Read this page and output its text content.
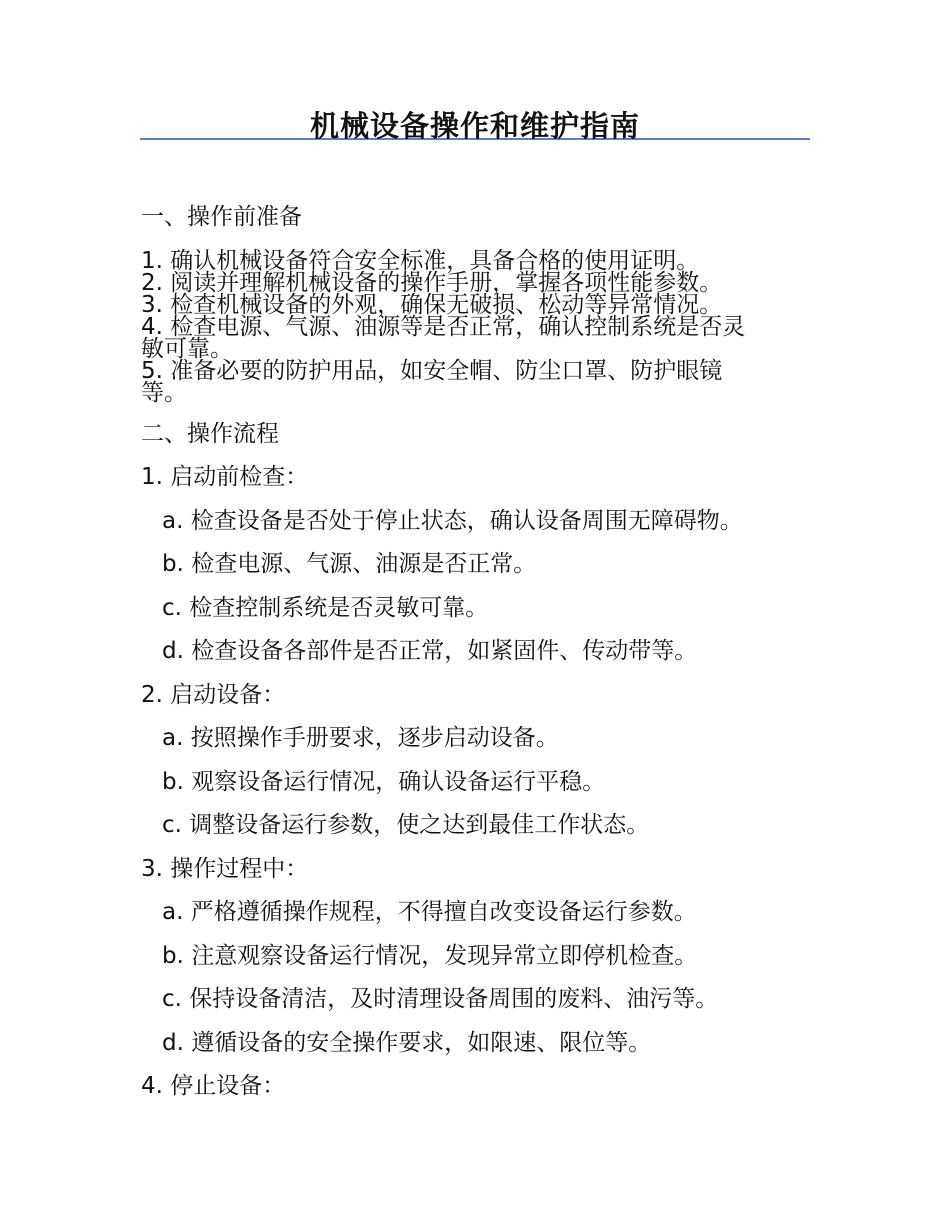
机械设备操作和维护指南
一、操作前准备
1. 确认机械设备符合安全标准，具备合格的使用证明。
2. 阅读并理解机械设备的操作手册，掌握各项性能参数。
3. 检查机械设备的外观，确保无破损、松动等异常情况。
4. 检查电源、气源、油源等是否正常，确认控制系统是否灵
敏可靠。
5. 准备必要的防护用品，如安全帽、防尘口罩、防护眼镜
等。
二、操作流程
1. 启动前检查：
a. 检查设备是否处于停止状态，确认设备周围无障碍物。
b. 检查电源、气源、油源是否正常。
c. 检查控制系统是否灵敏可靠。
d. 检查设备各部件是否正常，如紧固件、传动带等。
2. 启动设备：
a. 按照操作手册要求，逐步启动设备。
b. 观察设备运行情况，确认设备运行平稳。
c. 调整设备运行参数，使之达到最佳工作状态。
3. 操作过程中：
a. 严格遵循操作规程，不得擅自改变设备运行参数。
b. 注意观察设备运行情况，发现异常立即停机检查。
c. 保持设备清洁，及时清理设备周围的废料、油污等。
d. 遵循设备的安全操作要求，如限速、限位等。
4. 停止设备：
